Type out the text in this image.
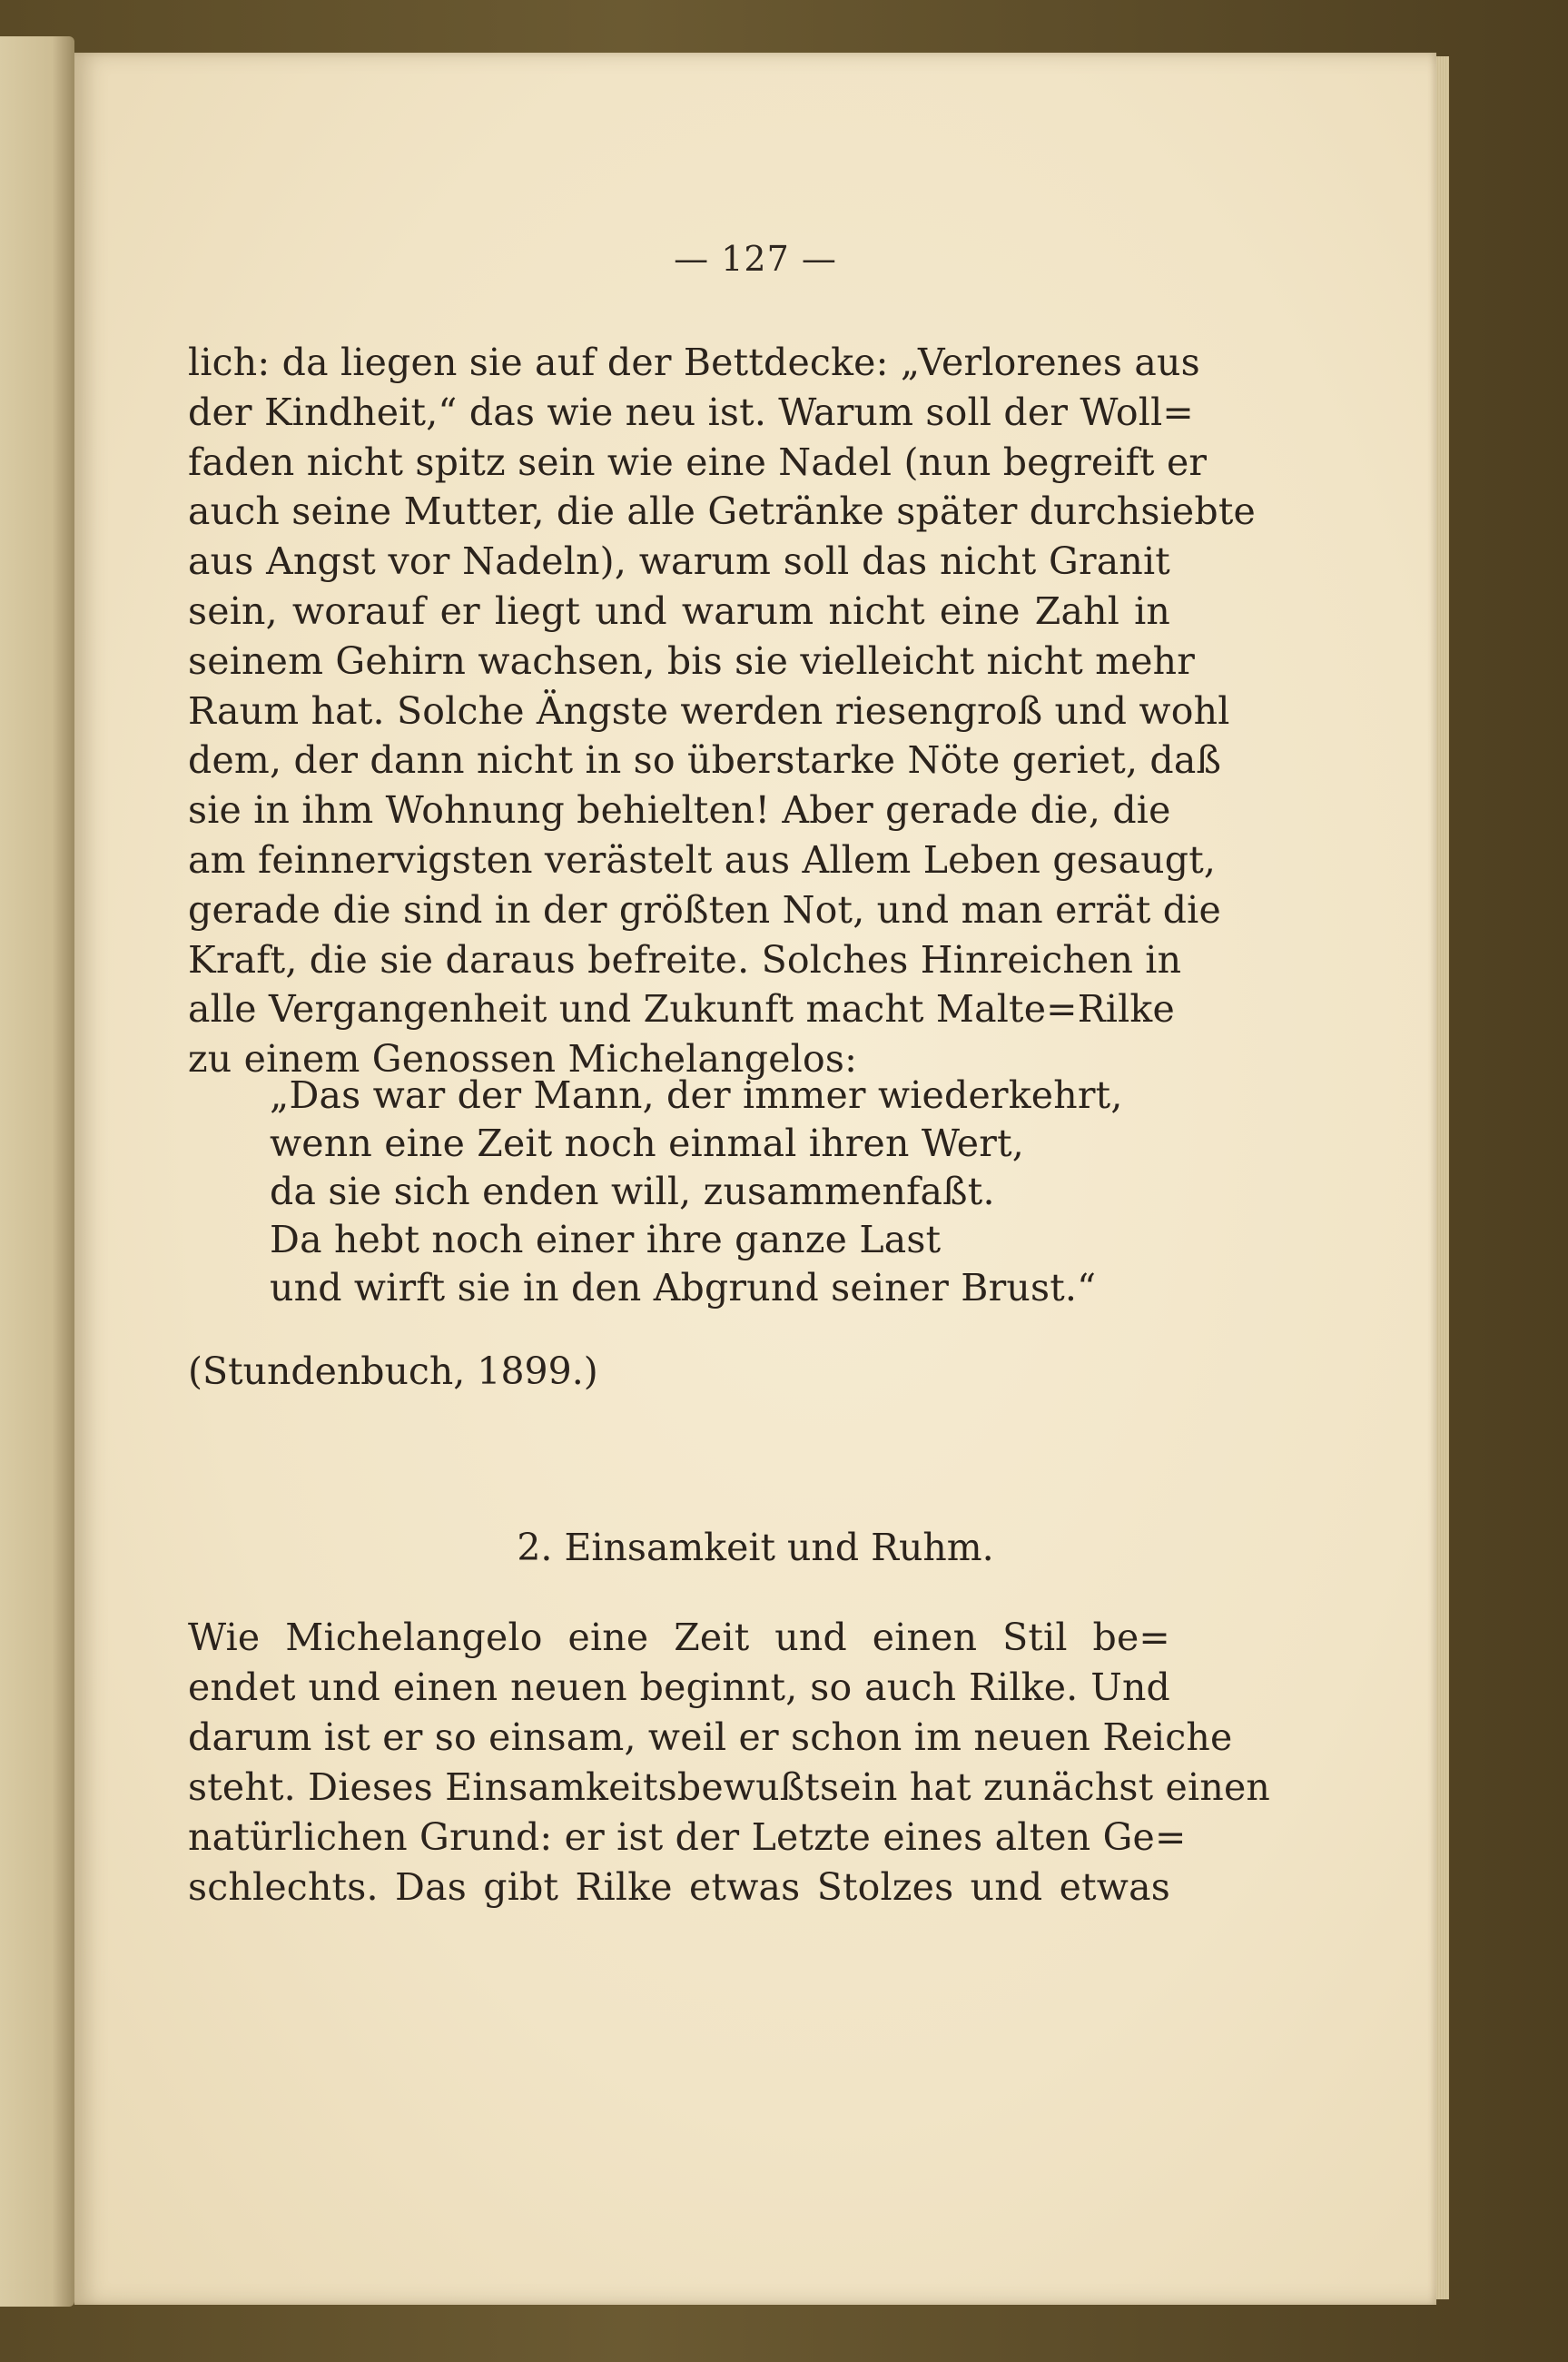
— 127 —
lich: da liegen sie auf der Bettdecke: „Verlorenes aus
der Kindheit,“ das wie neu ist. Warum soll der Woll=
faden nicht spitz sein wie eine Nadel (nun begreift er
auch seine Mutter, die alle Getränke später durchsiebte
aus Angst vor Nadeln), warum soll das nicht Granit
sein, worauf er liegt und warum nicht eine Zahl in
seinem Gehirn wachsen, bis sie vielleicht nicht mehr
Raum hat. Solche Ängste werden riesengroß und wohl
dem, der dann nicht in so überstarke Nöte geriet, daß
sie in ihm Wohnung behielten! Aber gerade die, die
am feinnervigsten verästelt aus Allem Leben gesaugt,
gerade die sind in der größten Not, und man errät die
Kraft, die sie daraus befreite. Solches Hinreichen in
alle Vergangenheit und Zukunft macht Malte=Rilke
zu einem Genossen Michelangelos:
„Das war der Mann, der immer wiederkehrt,
wenn eine Zeit noch einmal ihren Wert,
da sie sich enden will, zusammenfaßt.
Da hebt noch einer ihre ganze Last
und wirft sie in den Abgrund seiner Brust.“
(Stundenbuch, 1899.)
2. Einsamkeit und Ruhm.
Wie Michelangelo eine Zeit und einen Stil be=
endet und einen neuen beginnt, so auch Rilke. Und
darum ist er so einsam, weil er schon im neuen Reiche
steht. Dieses Einsamkeitsbewußtsein hat zunächst einen
natürlichen Grund: er ist der Letzte eines alten Ge=
schlechts. Das gibt Rilke etwas Stolzes und etwas
